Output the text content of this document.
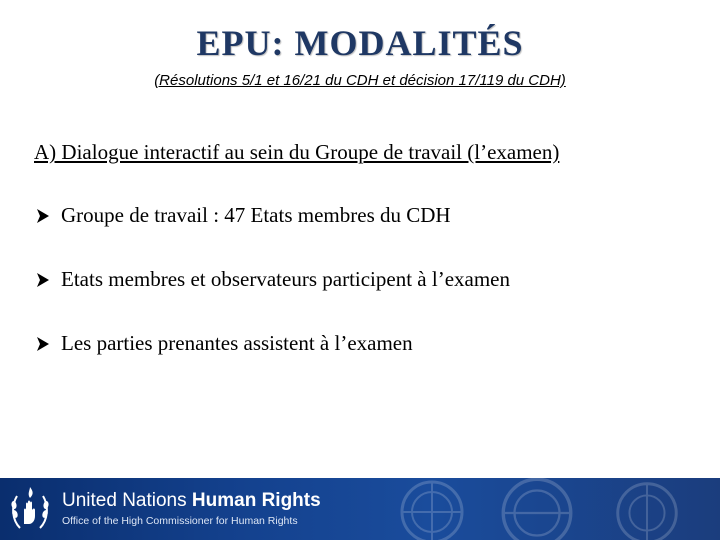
EPU: MODALITÉS
(Résolutions 5/1 et 16/21 du CDH et décision 17/119 du CDH)
A) Dialogue interactif au sein du Groupe de travail (l’examen)
Groupe de travail : 47 Etats membres du CDH
Etats membres et observateurs participent à l’examen
Les parties prenantes assistent à l’examen
United Nations Human Rights
Office of the High Commissioner for Human Rights
